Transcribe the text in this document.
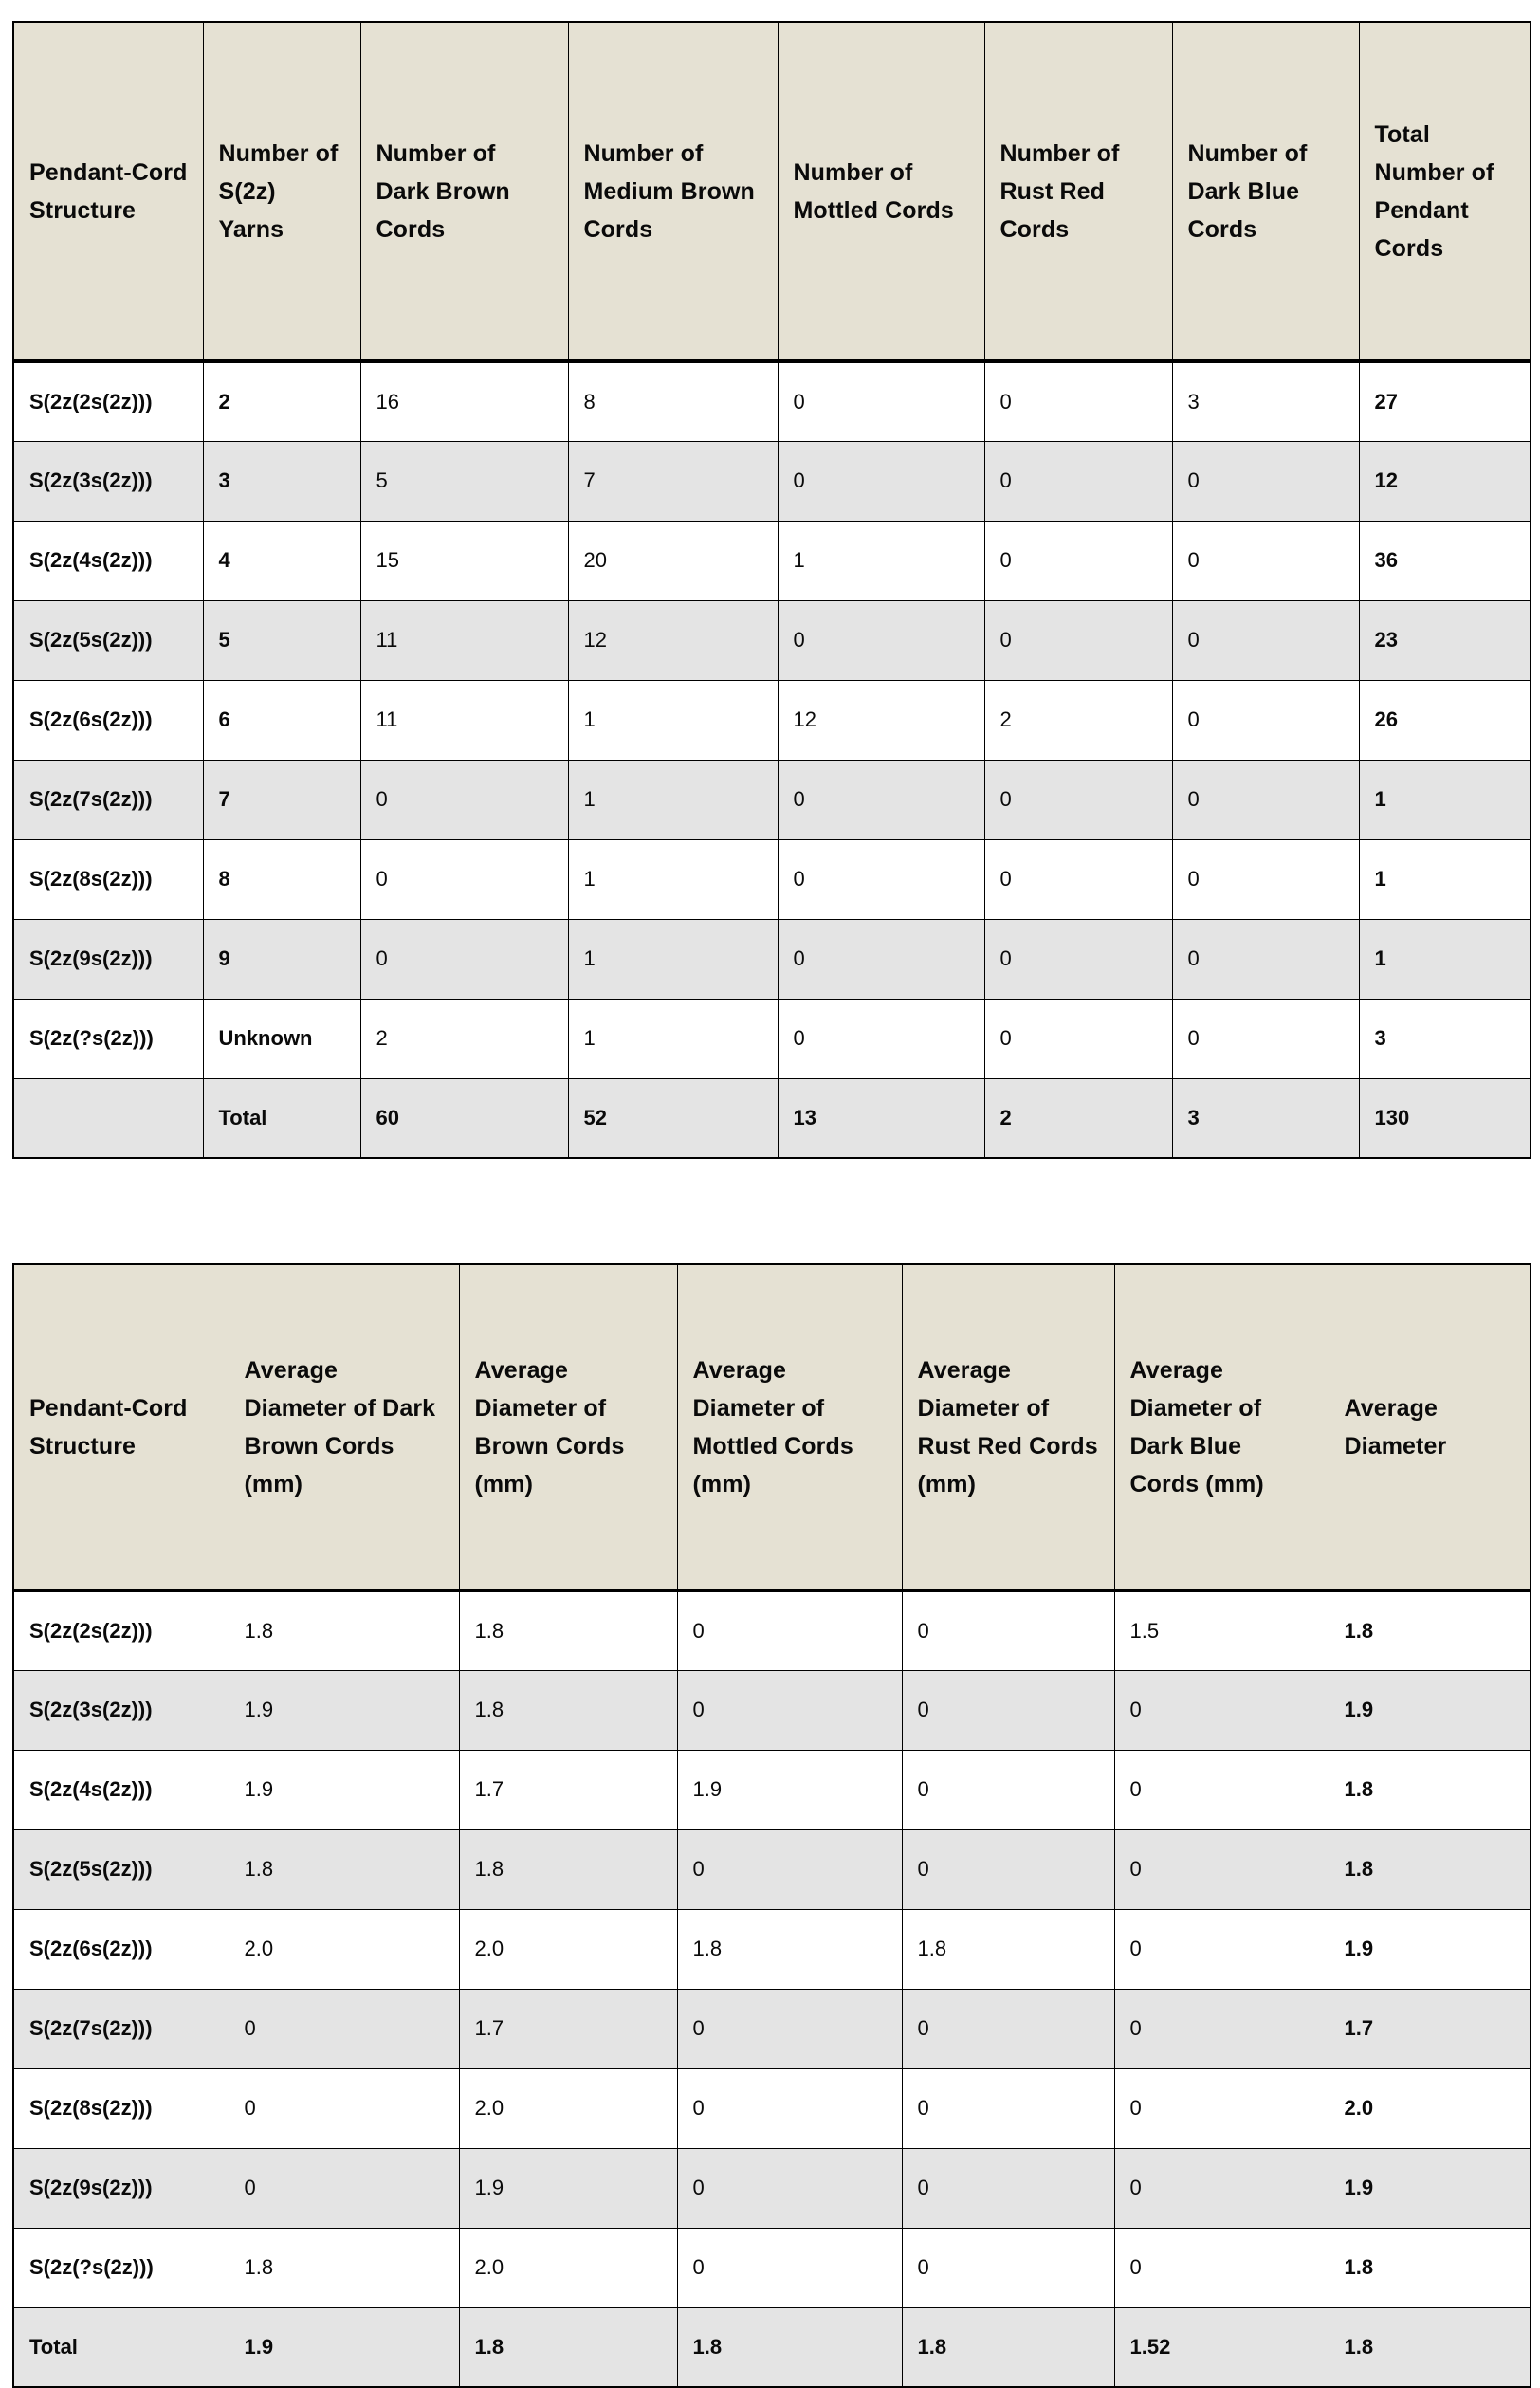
Pendant-Cord Structure	Number of S(2z) Yarns	Number of Dark Brown Cords	Number of Medium Brown Cords	Number of Mottled Cords	Number of Rust Red Cords	Number of Dark Blue Cords	Total Number of Pendant Cords
S(2z(2s(2z)))	2	16	8	0	0	3	27
S(2z(3s(2z)))	3	5	7	0	0	0	12
S(2z(4s(2z)))	4	15	20	1	0	0	36
S(2z(5s(2z)))	5	11	12	0	0	0	23
S(2z(6s(2z)))	6	11	1	12	2	0	26
S(2z(7s(2z)))	7	0	1	0	0	0	1
S(2z(8s(2z)))	8	0	1	0	0	0	1
S(2z(9s(2z)))	9	0	1	0	0	0	1
S(2z(?s(2z)))	Unknown	2	1	0	0	0	3
	Total	60	52	13	2	3	130
Pendant-Cord Structure	Average Diameter of Dark Brown Cords (mm)	Average Diameter of Brown Cords (mm)	Average Diameter of Mottled Cords (mm)	Average Diameter of Rust Red Cords (mm)	Average Diameter of Dark Blue Cords (mm)	Average Diameter
S(2z(2s(2z)))	1.8	1.8	0	0	1.5	1.8
S(2z(3s(2z)))	1.9	1.8	0	0	0	1.9
S(2z(4s(2z)))	1.9	1.7	1.9	0	0	1.8
S(2z(5s(2z)))	1.8	1.8	0	0	0	1.8
S(2z(6s(2z)))	2.0	2.0	1.8	1.8	0	1.9
S(2z(7s(2z)))	0	1.7	0	0	0	1.7
S(2z(8s(2z)))	0	2.0	0	0	0	2.0
S(2z(9s(2z)))	0	1.9	0	0	0	1.9
S(2z(?s(2z)))	1.8	2.0	0	0	0	1.8
Total	1.9	1.8	1.8	1.8	1.52	1.8
